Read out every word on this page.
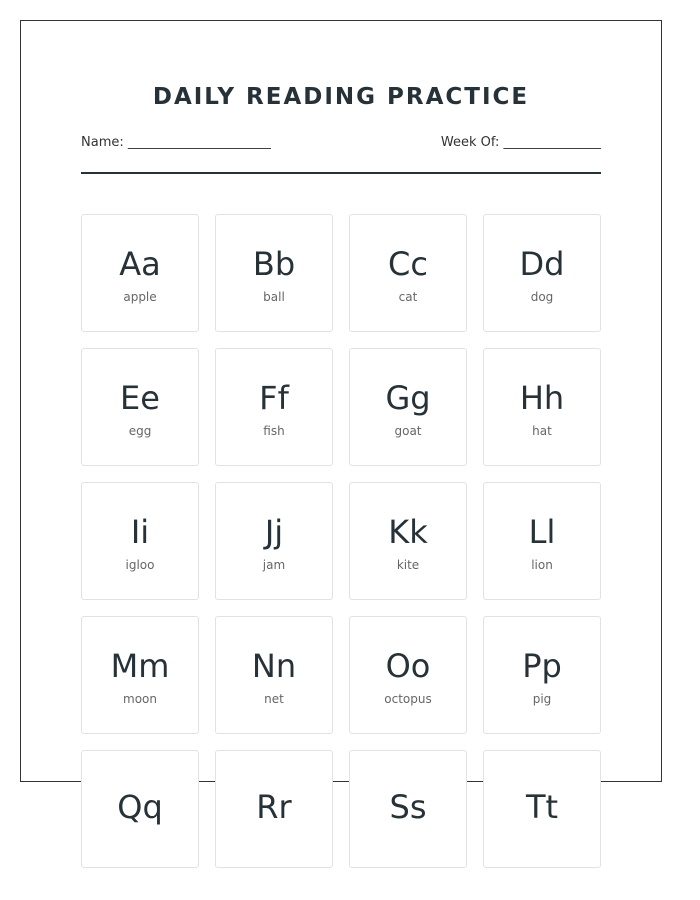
DAILY READING PRACTICE
Name: ______________________	Week Of: _______________
Aa
apple
Bb
ball
Cc
cat
Dd
dog
Ee
egg
Ff
fish
Gg
goat
Hh
hat
Ii
igloo
Jj
jam
Kk
kite
Ll
lion
Mm
moon
Nn
net
Oo
octopus
Pp
pig
Qq	Rr	Ss	Tt
